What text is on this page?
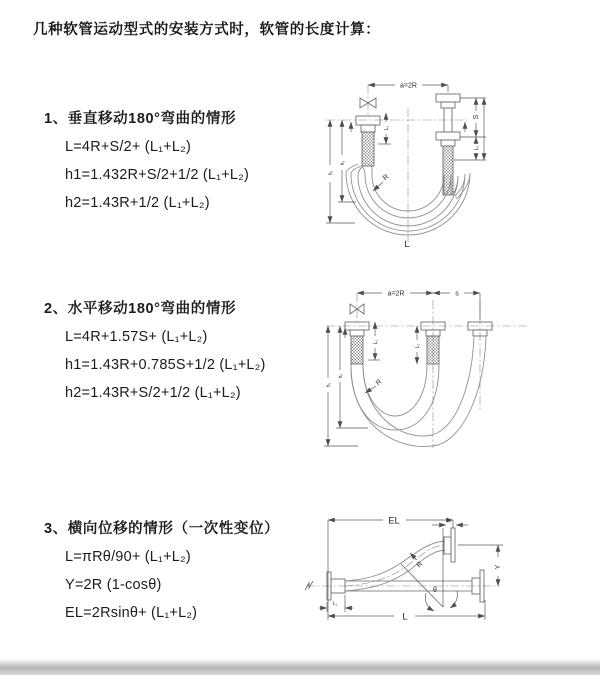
几种软管运动型式的安装方式时，软管的长度计算：

1、垂直移动180°弯曲的情形

L=4R+S/2+ (L₁+L₂)

h1=1.432R+S/2+1/2 (L₁+L₂)

h2=1.43R+1/2 (L₁+L₂)

2、水平移动180°弯曲的情形

L=4R+1.57S+ (L₁+L₂)

h1=1.43R+0.785S+1/2 (L₁+L₂)

h2=1.43R+S/2+1/2 (L₁+L₂)

3、横向位移的情形（一次性变位）

L=πRθ/90+ (L₁+L₂)

Y=2R (1-cosθ)

EL=2Rsinθ+ (L₁+L₂)

a=2R
L₁
S
L₂
h₁
h₂
R
L
a=2R	s
L₁
L₂
h₁
h₂
R
EL	L₂
Y
L
L₁
θ
R
